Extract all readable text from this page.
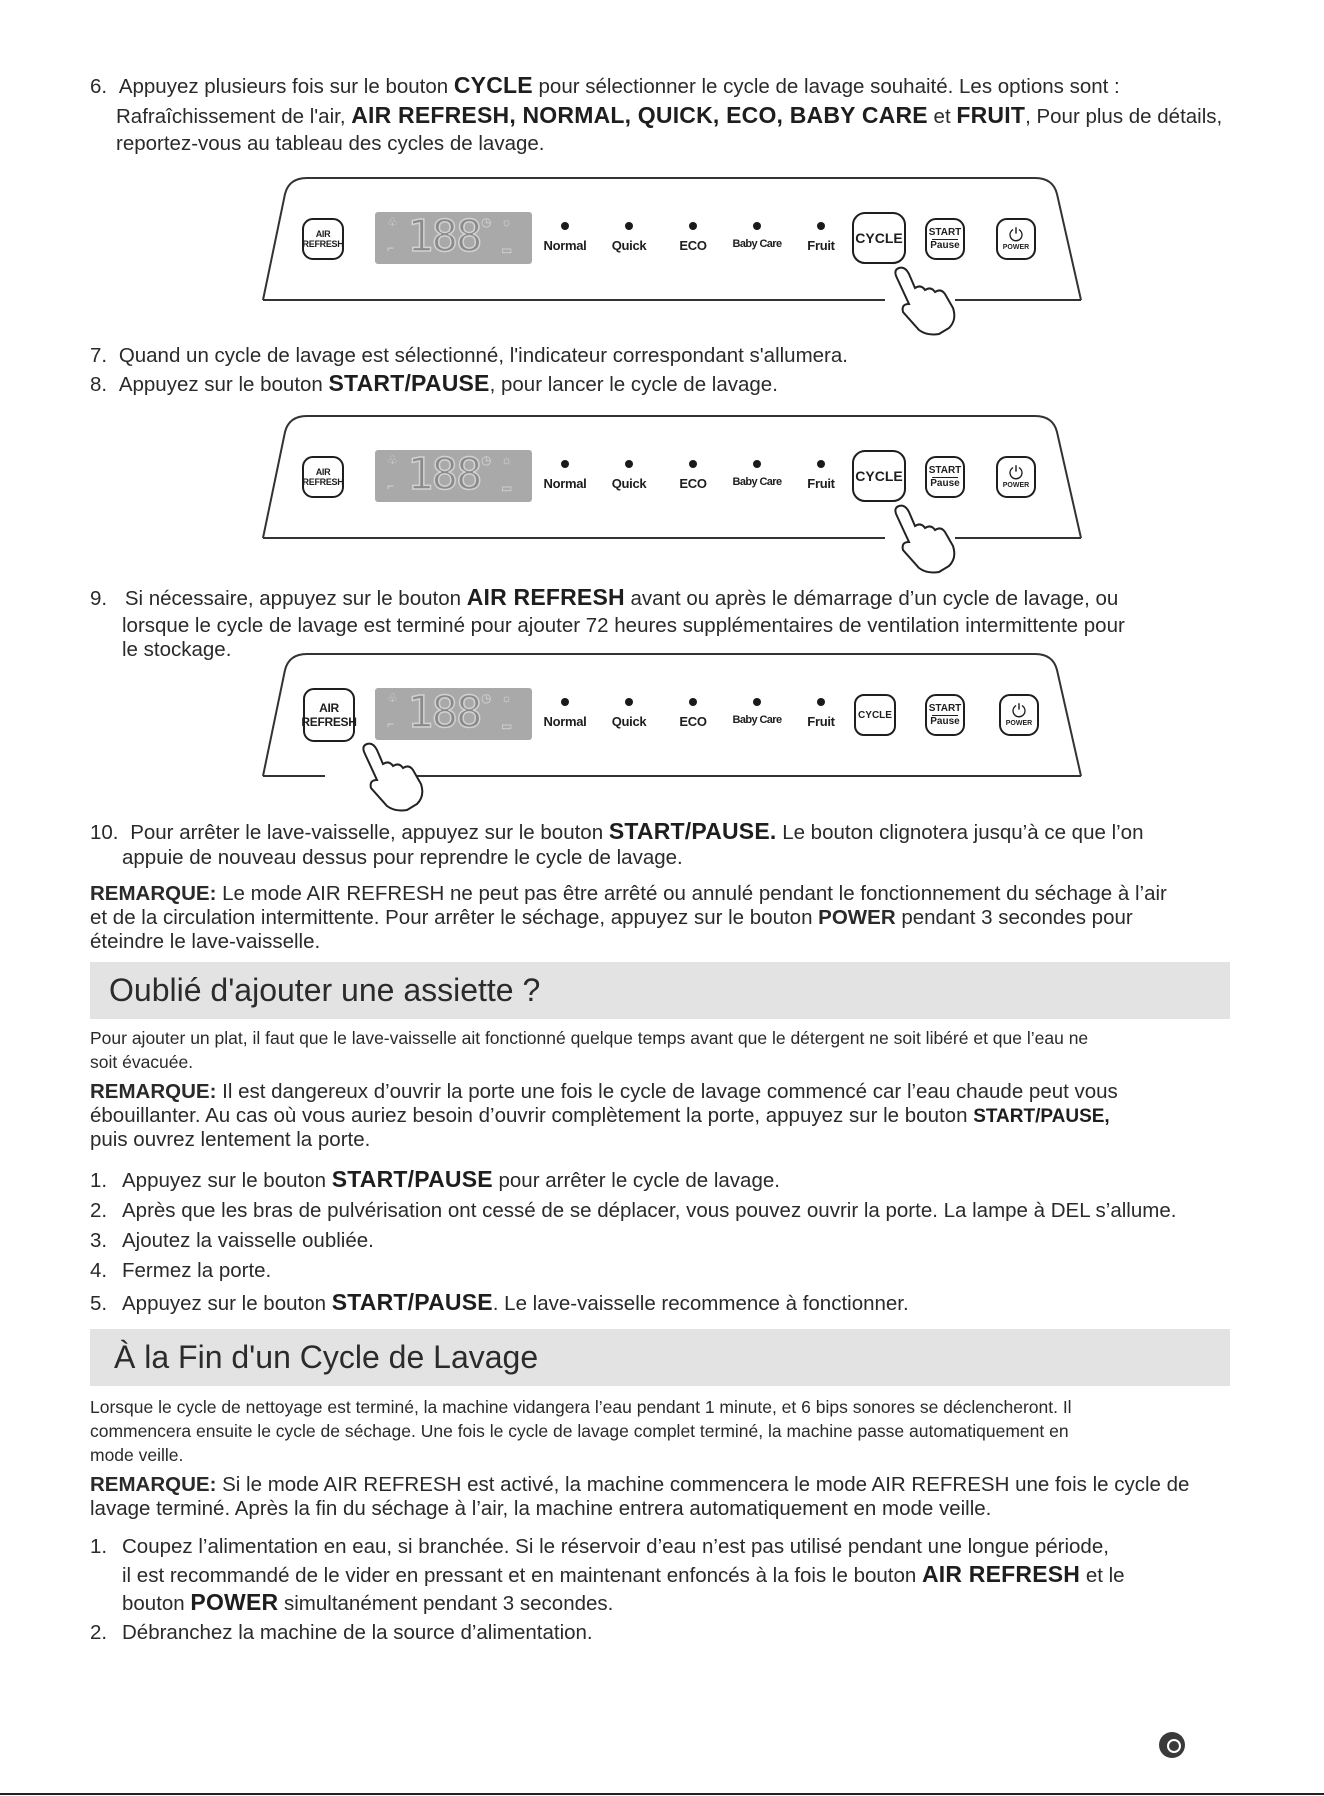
6. Appuyez plusieurs fois sur le bouton CYCLE pour sélectionner le cycle de lavage souhaité. Les options sont :
Rafraîchissement de l'air, AIR REFRESH, NORMAL, QUICK, ECO, BABY CARE et FRUIT, Pour plus de détails,
reportez-vous au tableau des cycles de lavage.
AIR
REFRESH
♧
⌐ 188 ◷ ☼
▭	Normal	Quick	ECO	Baby Care	Fruit	CYCLE	START
Pause	⏻
POWER
7. Quand un cycle de lavage est sélectionné, l'indicateur correspondant s'allumera.
8. Appuyez sur le bouton START/PAUSE, pour lancer le cycle de lavage.
AIR
REFRESH
♧
⌐ 188 ◷ ☼
▭	Normal	Quick	ECO	Baby Care	Fruit	CYCLE	START
Pause	⏻
POWER
9. Si nécessaire, appuyez sur le bouton AIR REFRESH avant ou après le démarrage d’un cycle de lavage, ou
lorsque le cycle de lavage est terminé pour ajouter 72 heures supplémentaires de ventilation intermittente pour
le stockage.
AIR
REFRESH
♧
⌐ 188 ◷ ☼
▭	Normal	Quick	ECO	Baby Care	Fruit	CYCLE
START
Pause	⏻
POWER
10. Pour arrêter le lave-vaisselle, appuyez sur le bouton START/PAUSE. Le bouton clignotera jusqu’à ce que l’on
appuie de nouveau dessus pour reprendre le cycle de lavage.
REMARQUE: Le mode AIR REFRESH ne peut pas être arrêté ou annulé pendant le fonctionnement du séchage à l’air
et de la circulation intermittente. Pour arrêter le séchage, appuyez sur le bouton POWER pendant 3 secondes pour
éteindre le lave-vaisselle.
Oublié d'ajouter une assiette ?
Pour ajouter un plat, il faut que le lave-vaisselle ait fonctionné quelque temps avant que le détergent ne soit libéré et que l’eau ne
soit évacuée.
REMARQUE: Il est dangereux d’ouvrir la porte une fois le cycle de lavage commencé car l’eau chaude peut vous
ébouillanter. Au cas où vous auriez besoin d’ouvrir complètement la porte, appuyez sur le bouton START/PAUSE,
puis ouvrez lentement la porte.
1. Appuyez sur le bouton START/PAUSE pour arrêter le cycle de lavage.
2. Après que les bras de pulvérisation ont cessé de se déplacer, vous pouvez ouvrir la porte. La lampe à DEL s’allume.
3. Ajoutez la vaisselle oubliée.
4. Fermez la porte.
5. Appuyez sur le bouton START/PAUSE. Le lave-vaisselle recommence à fonctionner.
À la Fin d'un Cycle de Lavage
Lorsque le cycle de nettoyage est terminé, la machine vidangera l’eau pendant 1 minute, et 6 bips sonores se déclencheront. Il
commencera ensuite le cycle de séchage. Une fois le cycle de lavage complet terminé, la machine passe automatiquement en
mode veille.
REMARQUE: Si le mode AIR REFRESH est activé, la machine commencera le mode AIR REFRESH une fois le cycle de
lavage terminé. Après la fin du séchage à l’air, la machine entrera automatiquement en mode veille.
1. Coupez l’alimentation en eau, si branchée. Si le réservoir d’eau n’est pas utilisé pendant une longue période,
il est recommandé de le vider en pressant et en maintenant enfoncés à la fois le bouton AIR REFRESH et le
bouton POWER simultanément pendant 3 secondes.
2. Débranchez la machine de la source d’alimentation.
